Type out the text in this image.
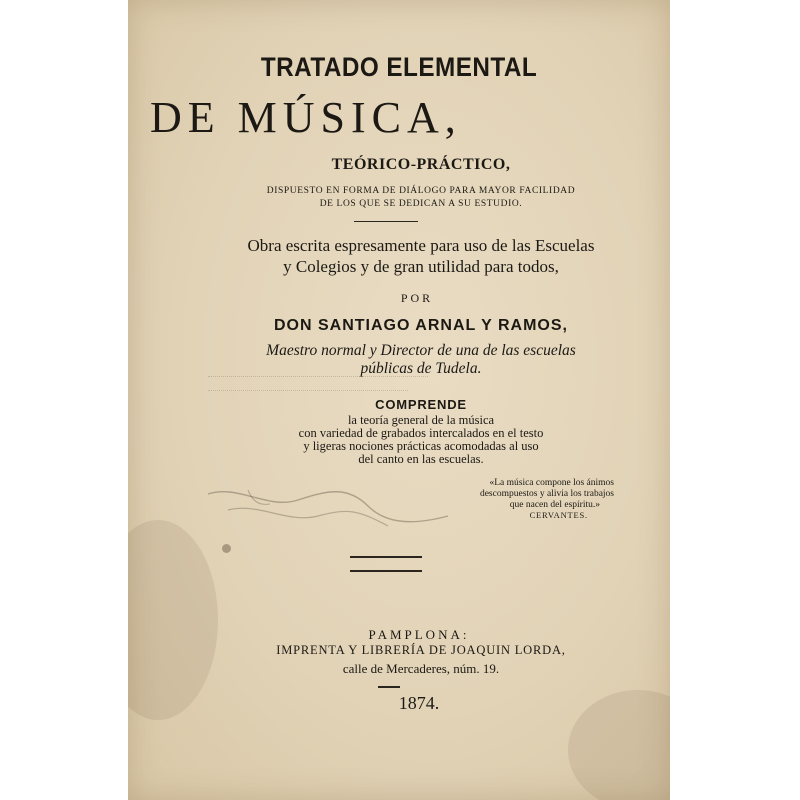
TRATADO ELEMENTAL
DE MÚSICA,
TEÓRICO-PRÁCTICO,
DISPUESTO EN FORMA DE DIÁLOGO PARA MAYOR FACILIDAD
DE LOS QUE SE DEDICAN A SU ESTUDIO.
Obra escrita espresamente para uso de las Escuelas
y Colegios y de gran utilidad para todos,
POR
DON SANTIAGO ARNAL Y RAMOS,
Maestro normal y Director de una de las escuelas
públicas de Tudela.
COMPRENDE
la teoría general de la música
con variedad de grabados intercalados en el testo
y ligeras nociones prácticas acomodadas al uso
del canto en las escuelas.
«La música compone los ánimos
descompuestos y alivia los trabajos
que nacen del espíritu.»
CERVANTES.
PAMPLONA:
IMPRENTA Y LIBRERÍA DE JOAQUIN LORDA,
calle de Mercaderes, núm. 19.
1874.
